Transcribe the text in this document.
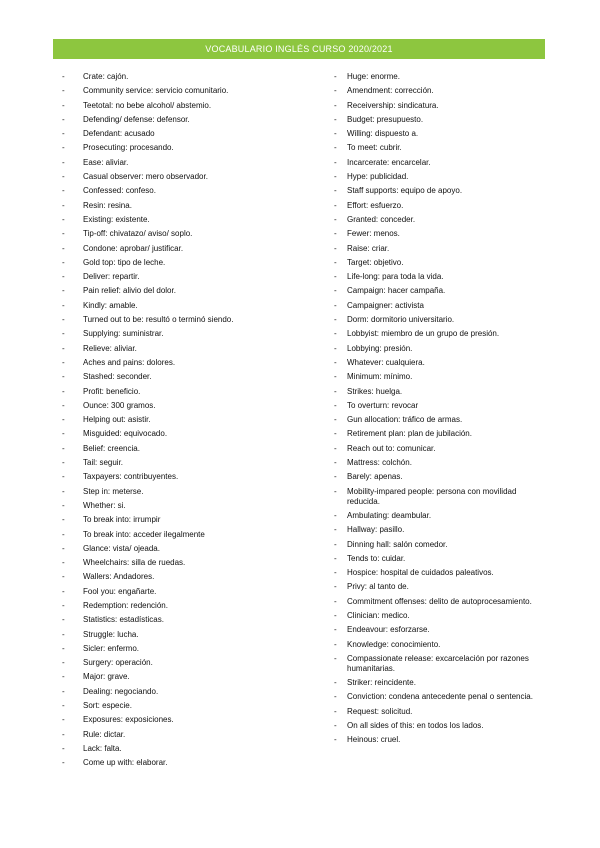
VOCABULARIO INGLÉS CURSO 2020/2021
-	Crate: cajón.
-	Community service: servicio comunitario.
-	Teetotal: no bebe alcohol/ abstemio.
-	Defending/ defense: defensor.
-	Defendant: acusado
-	Prosecuting: procesando.
-	Ease: aliviar.
-	Casual observer: mero observador.
-	Confessed: confeso.
-	Resin: resina.
-	Existing: existente.
-	Tip-off: chivatazo/ aviso/ soplo.
-	Condone: aprobar/ justificar.
-	Gold top: tipo de leche.
-	Deliver: repartir.
-	Pain relief: alivio del dolor.
-	Kindly: amable.
-	Turned out to be: resultó o terminó siendo.
-	Supplying: suministrar.
-	Relieve: aliviar.
-	Aches and pains: dolores.
-	Stashed: seconder.
-	Profit: beneficio.
-	Ounce: 300 gramos.
-	Helping out: asistir.
-	Misguided: equivocado.
-	Belief: creencia.
-	Tail: seguir.
-	Taxpayers: contribuyentes.
-	Step in: meterse.
-	Whether: si.
-	To break into: irrumpir
-	To break into: acceder ilegalmente
-	Glance: vista/ ojeada.
-	Wheelchairs: silla de ruedas.
-	Wallers: Andadores.
-	Fool you: engañarte.
-	Redemption: redención.
-	Statistics: estadísticas.
-	Struggle: lucha.
-	Sicler: enfermo.
-	Surgery: operación.
-	Major: grave.
-	Dealing: negociando.
-	Sort: especie.
-	Exposures: exposiciones.
-	Rule: dictar.
-	Lack: falta.
-	Come up with: elaborar.
-	Huge: enorme.
-	Amendment: corrección.
-	Receivership: sindicatura.
-	Budget: presupuesto.
-	Willing: dispuesto a.
-	To meet: cubrir.
-	Incarcerate: encarcelar.
-	Hype: publicidad.
-	Staff supports: equipo de apoyo.
-	Effort: esfuerzo.
-	Granted: conceder.
-	Fewer: menos.
-	Raise: criar.
-	Target: objetivo.
-	Life-long: para toda la vida.
-	Campaign: hacer campaña.
-	Campaigner: activista
-	Dorm: dormitorio universitario.
-	Lobbyist: miembro de un grupo de presión.
-	Lobbying: presión.
-	Whatever: cualquiera.
-	Minimum: mínimo.
-	Strikes: huelga.
-	To overturn: revocar
-	Gun allocation: tráfico de armas.
-	Retirement plan: plan de jubilación.
-	Reach out to: comunicar.
-	Mattress: colchón.
-	Barely: apenas.
-	Mobility-impared people: persona con movilidad reducida.
-	Ambulating: deambular.
-	Hallway: pasillo.
-	Dinning hall: salón comedor.
-	Tends to: cuidar.
-	Hospice: hospital de cuidados paleativos.
-	Privy: al tanto de.
-	Commitment offenses: delito de autoprocesamiento.
-	Clinician: medico.
-	Endeavour: esforzarse.
-	Knowledge: conocimiento.
-	Compassionate release: excarcelación por razones humanitarias.
-	Striker: reincidente.
-	Conviction: condena antecedente penal o sentencia.
-	Request: solicitud.
-	On all sides of this: en todos los lados.
-	Heinous: cruel.
